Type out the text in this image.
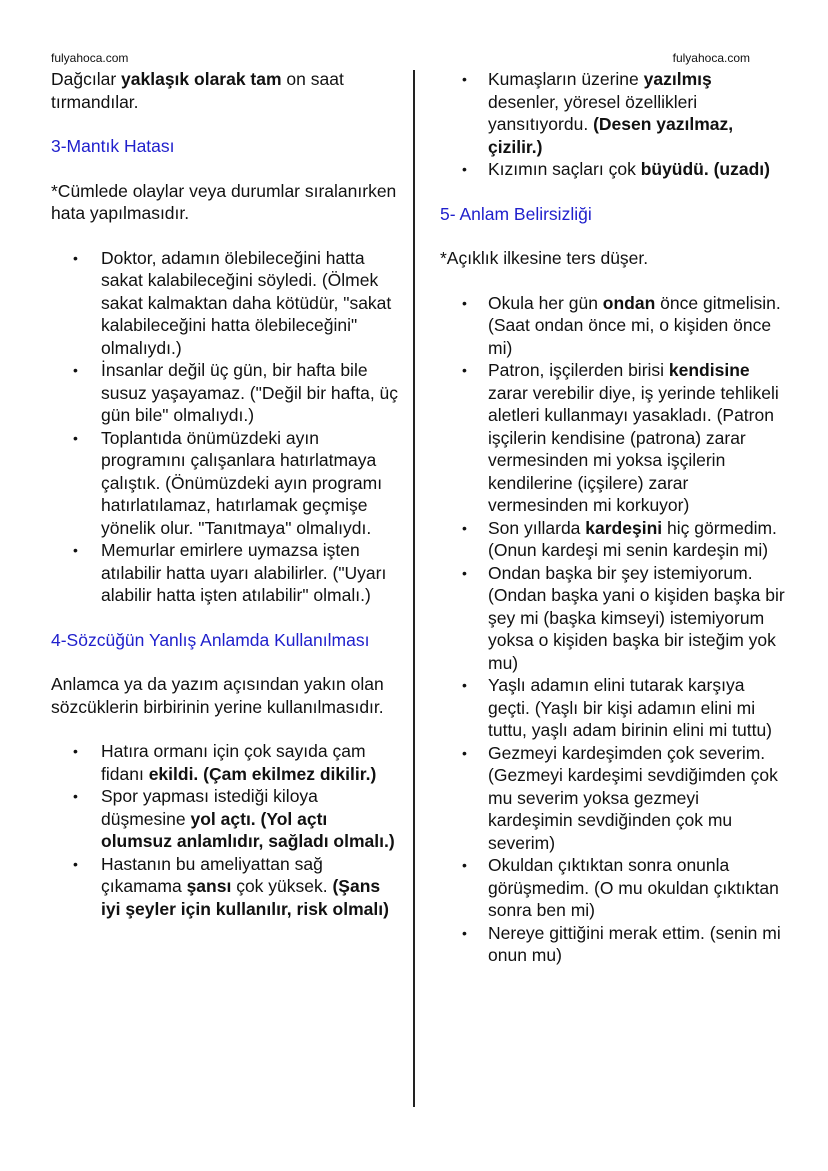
fulyahoca.com	fulyahoca.com

Dağcılar yaklaşık olarak tam on saat tırmandılar.

3-Mantık Hatası

*Cümlede olaylar veya durumlar sıralanırken hata yapılmasıdır.

• Doktor, adamın ölebileceğini hatta sakat kalabileceğini söyledi. (Ölmek sakat kalmaktan daha kötüdür, "sakat kalabileceğini hatta ölebileceğini" olmalıydı.)
• İnsanlar değil üç gün, bir hafta bile susuz yaşayamaz. ("Değil bir hafta, üç gün bile" olmalıydı.)
• Toplantıda önümüzdeki ayın programını çalışanlara hatırlatmaya çalıştık. (Önümüzdeki ayın programı hatırlatılamaz, hatırlamak geçmişe yönelik olur. "Tanıtmaya" olmalıydı.
• Memurlar emirlere uymazsa işten atılabilir hatta uyarı alabilirler. ("Uyarı alabilir hatta işten atılabilir" olmalı.)

4-Sözcüğün Yanlış Anlamda Kullanılması

Anlamca ya da yazım açısından yakın olan sözcüklerin birbirinin yerine kullanılmasıdır.

• Hatıra ormanı için çok sayıda çam fidanı ekildi. (Çam ekilmez dikilir.)
• Spor yapması istediği kiloya düşmesine yol açtı. (Yol açtı olumsuz anlamlıdır, sağladı olmalı.)
• Hastanın bu ameliyattan sağ çıkamama şansı çok yüksek. (Şans iyi şeyler için kullanılır, risk olmalı)
• Kumaşların üzerine yazılmış desenler, yöresel özellikleri yansıtıyordu. (Desen yazılmaz, çizilir.)
• Kızımın saçları çok büyüdü. (uzadı)

5- Anlam Belirsizliği

*Açıklık ilkesine ters düşer.

• Okula her gün ondan önce gitmelisin. (Saat ondan önce mi, o kişiden önce mi)
• Patron, işçilerden birisi kendisine zarar verebilir diye, iş yerinde tehlikeli aletleri kullanmayı yasakladı. (Patron işçilerin kendisine (patrona) zarar vermesinden mi yoksa işçilerin kendilerine (içşilere) zarar vermesinden mi korkuyor)
• Son yıllarda kardeşini hiç görmedim. (Onun kardeşi mi senin kardeşin mi)
• Ondan başka bir şey istemiyorum. (Ondan başka yani o kişiden başka bir şey mi (başka kimseyi) istemiyorum yoksa o kişiden başka bir isteğim yok mu)
• Yaşlı adamın elini tutarak karşıya geçti. (Yaşlı bir kişi adamın elini mi tuttu, yaşlı adam birinin elini mi tuttu)
• Gezmeyi kardeşimden çok severim. (Gezmeyi kardeşimi sevdiğimden çok mu severim yoksa gezmeyi kardeşimin sevdiğinden çok mu severim)
• Okuldan çıktıktan sonra onunla görüşmedim. (O mu okuldan çıktıktan sonra ben mi)
• Nereye gittiğini merak ettim. (senin mi onun mu)
